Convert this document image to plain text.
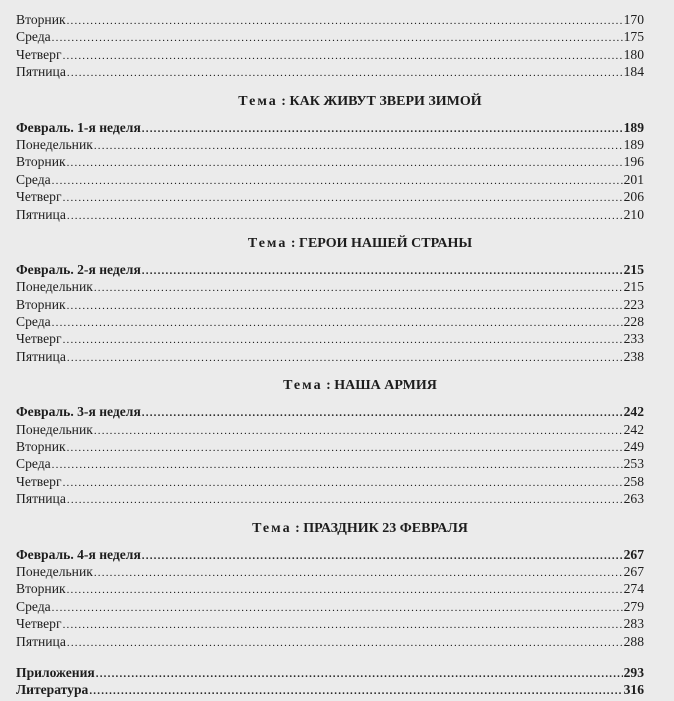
Вторник .....	170
Среда .....	175
Четверг .....	180
Пятница .....	184
Тема : КАК ЖИВУТ ЗВЕРИ ЗИМОЙ
Февраль. 1-я неделя .....	189
Понедельник .....	189
Вторник .....	196
Среда .....	201
Четверг .....	206
Пятница .....	210
Тема : ГЕРОИ НАШЕЙ СТРАНЫ
Февраль. 2-я неделя .....	215
Понедельник .....	215
Вторник .....	223
Среда .....	228
Четверг .....	233
Пятница .....	238
Тема : НАША АРМИЯ
Февраль. 3-я неделя .....	242
Понедельник .....	242
Вторник .....	249
Среда .....	253
Четверг .....	258
Пятница .....	263
Тема : ПРАЗДНИК 23 ФЕВРАЛЯ
Февраль. 4-я неделя .....	267
Понедельник .....	267
Вторник .....	274
Среда .....	279
Четверг .....	283
Пятница .....	288
Приложения .....	293
Литература .....	316
